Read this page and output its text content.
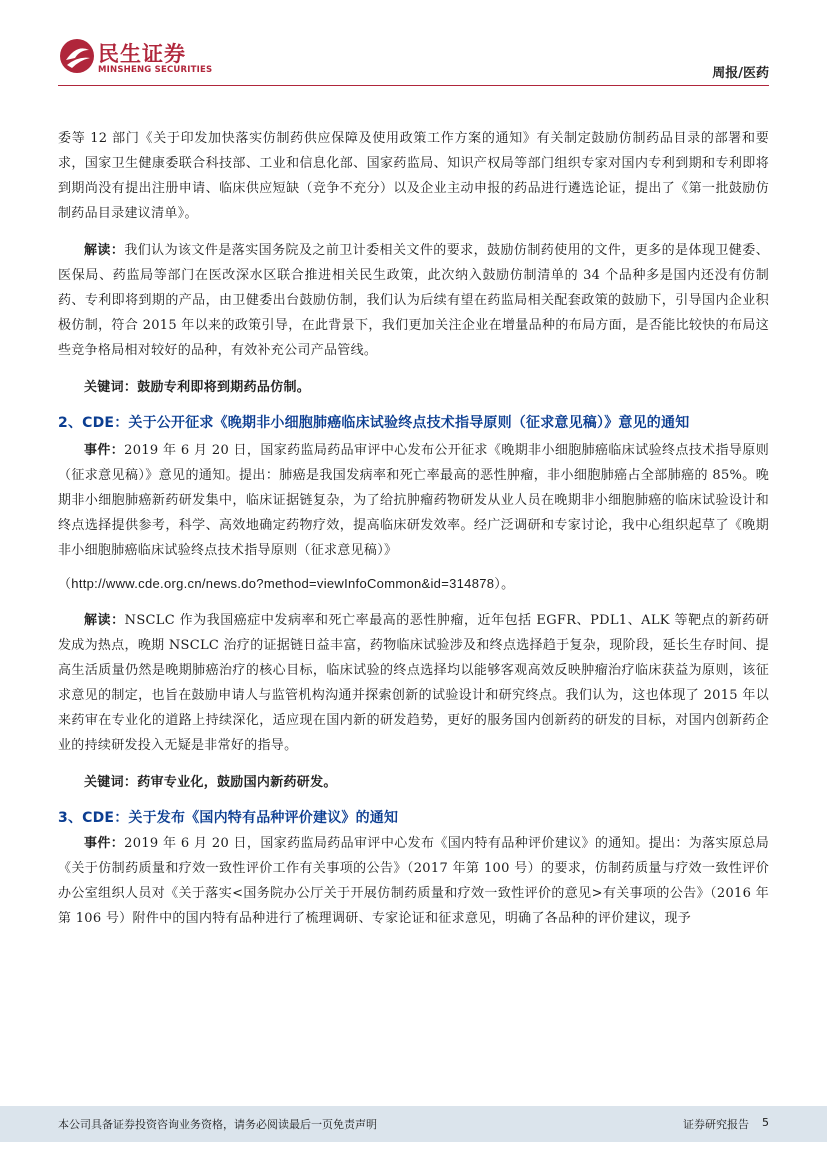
民生证券
MINSHENG SECURITIES	周报/医药

委等 12 部门《关于印发加快落实仿制药供应保障及使用政策工作方案的通知》有关制定鼓励仿制药品目录的部署和要求，国家卫生健康委联合科技部、工业和信息化部、国家药监局、知识产权局等部门组织专家对国内专利到期和专利即将到期尚没有提出注册申请、临床供应短缺（竞争不充分）以及企业主动申报的药品进行遴选论证，提出了《第一批鼓励仿制药品目录建议清单》。

解读：我们认为该文件是落实国务院及之前卫计委相关文件的要求，鼓励仿制药使用的文件，更多的是体现卫健委、医保局、药监局等部门在医改深水区联合推进相关民生政策，此次纳入鼓励仿制清单的 34 个品种多是国内还没有仿制药、专利即将到期的产品，由卫健委出台鼓励仿制，我们认为后续有望在药监局相关配套政策的鼓励下，引导国内企业积极仿制，符合 2015 年以来的政策引导，在此背景下，我们更加关注企业在增量品种的布局方面，是否能比较快的布局这些竞争格局相对较好的品种，有效补充公司产品管线。

关键词：鼓励专利即将到期药品仿制。

2、CDE：关于公开征求《晚期非小细胞肺癌临床试验终点技术指导原则（征求意见稿）》意见的通知

事件：2019 年 6 月 20 日，国家药监局药品审评中心发布公开征求《晚期非小细胞肺癌临床试验终点技术指导原则（征求意见稿）》意见的通知。提出：肺癌是我国发病率和死亡率最高的恶性肿瘤，非小细胞肺癌占全部肺癌的 85%。晚期非小细胞肺癌新药研发集中，临床证据链复杂，为了给抗肿瘤药物研发从业人员在晚期非小细胞肺癌的临床试验设计和终点选择提供参考，科学、高效地确定药物疗效，提高临床研发效率。经广泛调研和专家讨论，我中心组织起草了《晚期非小细胞肺癌临床试验终点技术指导原则（征求意见稿）》

（http://www.cde.org.cn/news.do?method=viewInfoCommon&id=314878）。

解读：NSCLC 作为我国癌症中发病率和死亡率最高的恶性肿瘤，近年包括 EGFR、PDL1、ALK 等靶点的新药研发成为热点，晚期 NSCLC 治疗的证据链日益丰富，药物临床试验涉及和终点选择趋于复杂，现阶段，延长生存时间、提高生活质量仍然是晚期肺癌治疗的核心目标，临床试验的终点选择均以能够客观高效反映肿瘤治疗临床获益为原则，该征求意见的制定，也旨在鼓励申请人与监管机构沟通并探索创新的试验设计和研究终点。我们认为，这也体现了 2015 年以来药审在专业化的道路上持续深化，适应现在国内新的研发趋势，更好的服务国内创新药的研发的目标，对国内创新药企业的持续研发投入无疑是非常好的指导。

关键词：药审专业化，鼓励国内新药研发。

3、CDE：关于发布《国内特有品种评价建议》的通知

事件：2019 年 6 月 20 日，国家药监局药品审评中心发布《国内特有品种评价建议》的通知。提出：为落实原总局《关于仿制药质量和疗效一致性评价工作有关事项的公告》（2017 年第 100 号）的要求，仿制药质量与疗效一致性评价办公室组织人员对《关于落实<国务院办公厅关于开展仿制药质量和疗效一致性评价的意见>有关事项的公告》（2016 年第 106 号）附件中的国内特有品种进行了梳理调研、专家论证和征求意见，明确了各品种的评价建议，现予

本公司具备证券投资咨询业务资格，请务必阅读最后一页免责声明	证券研究报告 5
